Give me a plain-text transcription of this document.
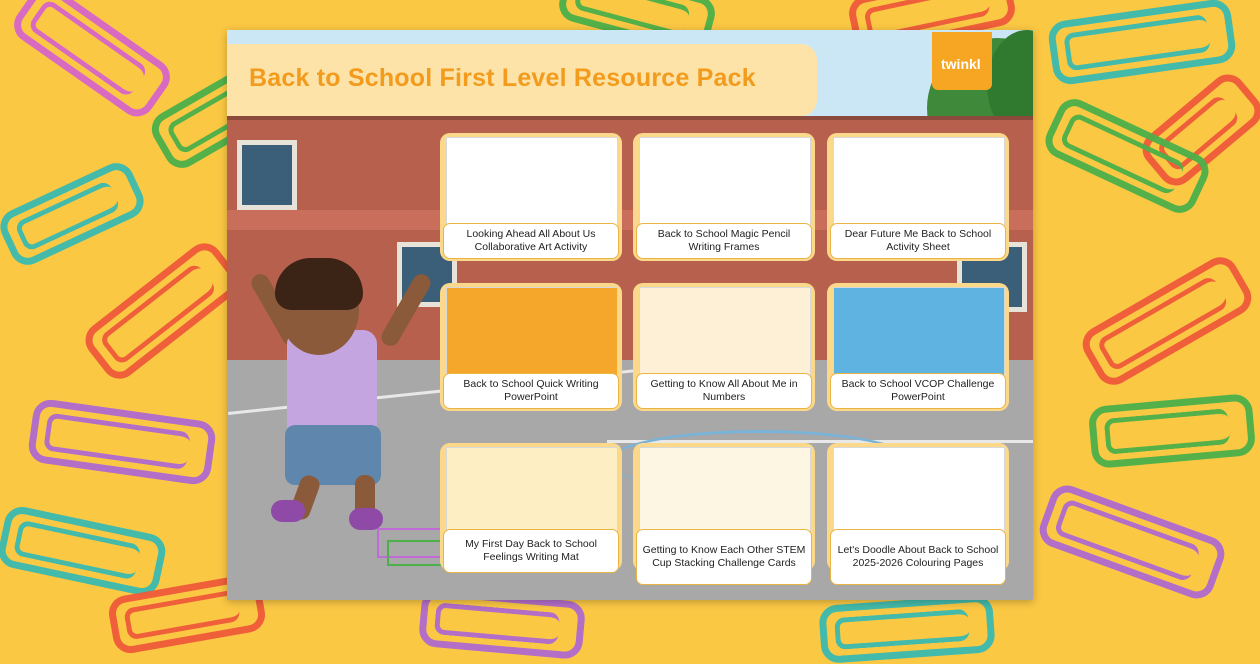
Back to School First Level Resource Pack	twinkl
Looking Ahead All About Us Collaborative Art Activity
Back to School Magic Pencil Writing Frames
Dear Future Me Back to School Activity Sheet
Back to School Quick Writing PowerPoint
Getting to Know All About Me in Numbers
Back to School VCOP Challenge PowerPoint
My First Day Back to School Feelings Writing Mat
Getting to Know Each Other STEM Cup Stacking Challenge Cards
Let's Doodle About Back to School 2025-2026 Colouring Pages
